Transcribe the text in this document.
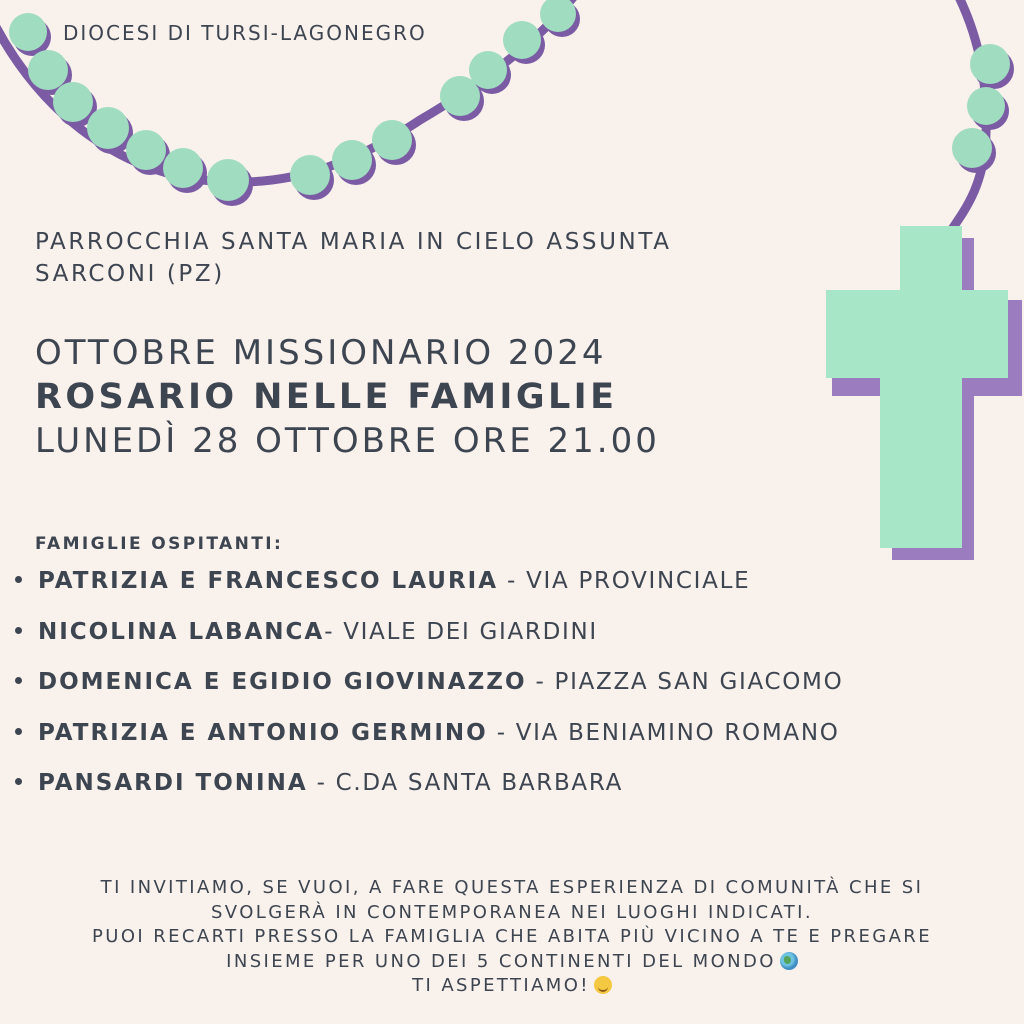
DIOCESI DI TURSI-LAGONEGRO
PARROCCHIA SANTA MARIA IN CIELO ASSUNTA
SARCONI (PZ)
OTTOBRE MISSIONARIO 2024
ROSARIO NELLE FAMIGLIE
LUNEDÌ 28 OTTOBRE ORE 21.00
FAMIGLIE OSPITANTI:
PATRIZIA E FRANCESCO LAURIA - VIA PROVINCIALE
NICOLINA LABANCA- VIALE DEI GIARDINI
DOMENICA E EGIDIO GIOVINAZZO - PIAZZA SAN GIACOMO
PATRIZIA E ANTONIO GERMINO - VIA BENIAMINO ROMANO
PANSARDI TONINA - C.DA SANTA BARBARA
TI INVITIAMO, SE VUOI, A FARE QUESTA ESPERIENZA DI COMUNITÀ CHE SI
SVOLGERÀ IN CONTEMPORANEA NEI LUOGHI INDICATI.
PUOI RECARTI PRESSO LA FAMIGLIA CHE ABITA PIÙ VICINO A TE E PREGARE
INSIEME PER UNO DEI 5 CONTINENTI DEL MONDO
TI ASPETTIAMO!
